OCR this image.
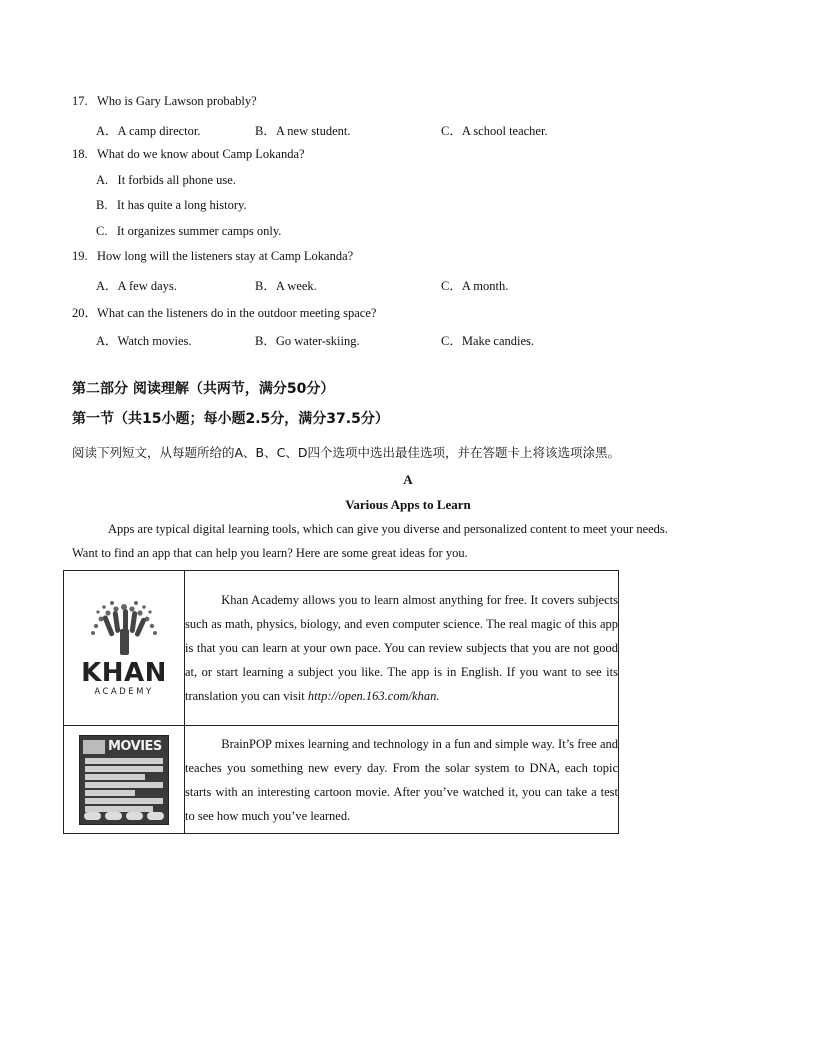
17. Who is Gary Lawson probably?
A．A camp director.	B．A new student.	C．A school teacher.
18. What do we know about Camp Lokanda?
A. It forbids all phone use.
B. It has quite a long history.
C. It organizes summer camps only.
19. How long will the listeners stay at Camp Lokanda?
A．A few days.	B．A week.	C．A month.
20．What can the listeners do in the outdoor meeting space?
A．Watch movies.	B．Go water-skiing.	C．Make candies.
第二部分 阅读理解（共两节，满分50分）
第一节（共15小题；每小题2.5分，满分37.5分）
阅读下列短文，从每题所给的A、B、C、D四个选项中选出最佳选项，并在答题卡上将该选项涂黑。
A
Various Apps to Learn
Apps are typical digital learning tools, which can give you diverse and personalized content to meet your needs.
Want to find an app that can help you learn? Here are some great ideas for you.
KHAN
ACADEMY	Khan Academy allows you to learn almost anything for free. It covers subjects such as math, physics, biology, and even computer science. The real magic of this app is that you can learn at your own pace. You can review subjects that you are not good at, or start learning a subject you like. The app is in English. If you want to see its translation you can visit http://open.163.com/khan.

MOVIES	BrainPOP mixes learning and technology in a fun and simple way. It’s free and teaches you something new every day. From the solar system to DNA, each topic starts with an interesting cartoon movie. After you’ve watched it, you can take a test to see how much you’ve learned.
